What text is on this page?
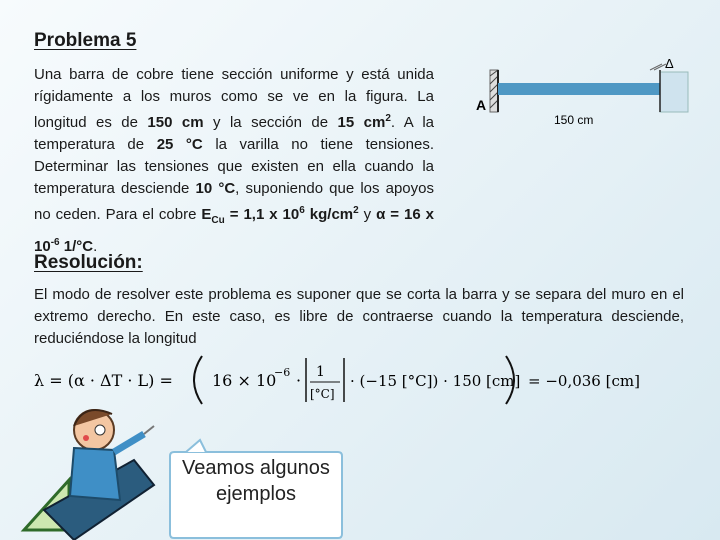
Problema 5
Una barra de cobre tiene sección uniforme y está unida rígidamente a los muros como se ve en la figura. La longitud es de 150 cm y la sección de 15 $cm^2$. A la temperatura de 25 °C la varilla no tiene tensiones. Determinar las tensiones que existen en ella cuando la temperatura desciende 10 °C, suponiendo que los apoyos no ceden. Para el cobre $E_{Cu} = 1,1$ x $10^6$ $kg/cm^2$ y α = 16 x $10^{-6}$ 1/°C.
A
Δ
150 cm
Resolución:
El modo de resolver este problema es suponer que se corta la barra y se separa del muro en el extremo derecho. En este caso, es libre de contraerse cuando la temperatura desciende, reduciéndose la longitud
λ = (α · ΔT · L) = 16 × 10
−6 · 1
[°C]
· (−15 [°C]) · 150 [cm] = −0,036 [cm]
Veamos algunos
ejemplos
